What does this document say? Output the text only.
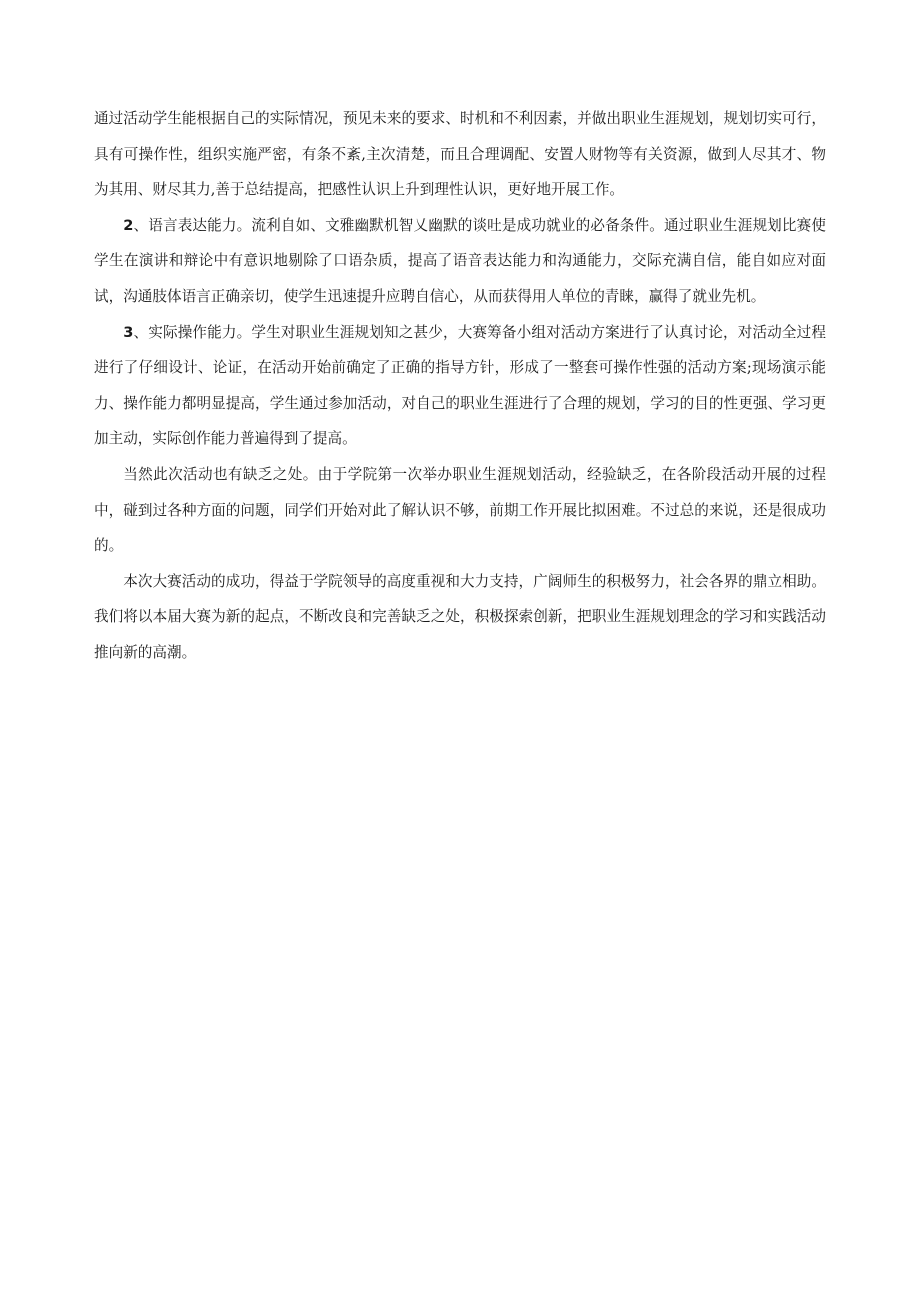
通过活动学生能根据自己的实际情况，预见未来的要求、时机和不利因素，并做出职业生涯规划，规划切实可行，具有可操作性，组织实施严密，有条不紊,主次清楚，而且合理调配、安置人财物等有关资源，做到人尽其才、物为其用、财尽其力,善于总结提高，把感性认识上升到理性认识，更好地开展工作。

2、语言表达能力。流利自如、文雅幽默机智乂幽默的谈吐是成功就业的必备条件。通过职业生涯规划比赛使学生在演讲和辩论中有意识地剔除了口语杂质，提高了语音表达能力和沟通能力，交际充满自信，能自如应对面试，沟通肢体语言正确亲切，使学生迅速提升应聘自信心，从而获得用人单位的青睐，赢得了就业先机。

3、实际操作能力。学生对职业生涯规划知之甚少，大赛筹备小组对活动方案进行了认真讨论，对活动全过程进行了仔细设计、论证，在活动开始前确定了正确的指导方针，形成了一整套可操作性强的活动方案;现场演示能力、操作能力都明显提高，学生通过参加活动，对自己的职业生涯进行了合理的规划，学习的目的性更强、学习更加主动，实际创作能力普遍得到了提高。

当然此次活动也有缺乏之处。由于学院第一次举办职业生涯规划活动，经验缺乏，在各阶段活动开展的过程中，碰到过各种方面的问题，同学们开始对此了解认识不够，前期工作开展比拟困难。不过总的来说，还是很成功的。

本次大赛活动的成功，得益于学院领导的高度重视和大力支持，广阔师生的积极努力，社会各界的鼎立相助。我们将以本届大赛为新的起点，不断改良和完善缺乏之处，积极探索创新，把职业生涯规划理念的学习和实践活动推向新的高潮。
